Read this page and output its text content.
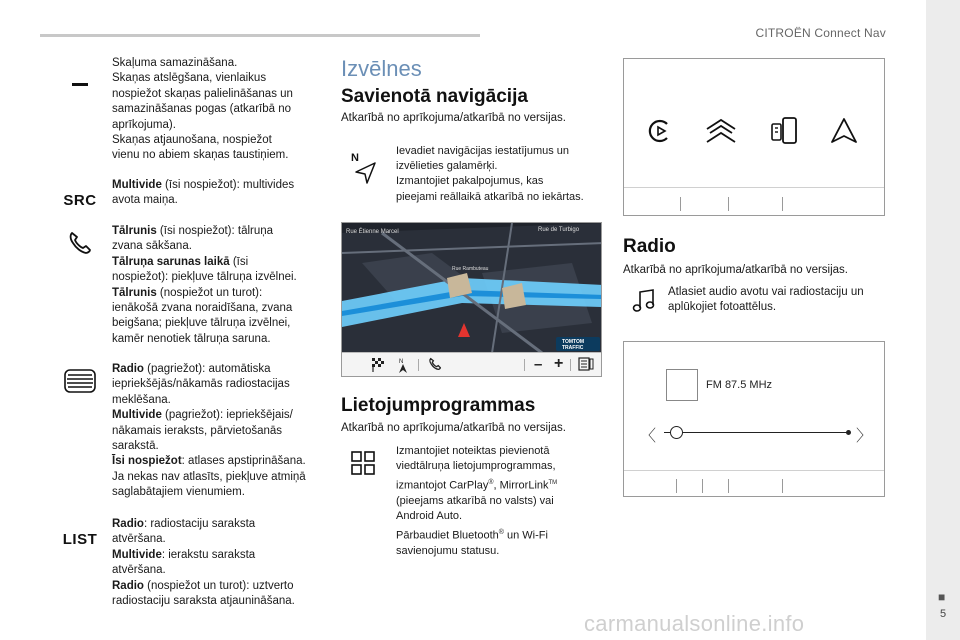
CITROËN Connect Nav
■
5
carmanualsonline.info
Skaļuma samazināšana.
Skaņas atslēgšana, vienlaikus
nospiežot skaņas palielināšanas un
samazināšanas pogas (atkarībā no
aprīkojuma).
Skaņas atjaunošana, nospiežot
vienu no abiem skaņas taustiņiem.
SRC
Multivide (īsi nospiežot): multivides
avota maiņa.
Tālrunis (īsi nospiežot): tālruņa
zvana sākšana.
Tālruņa sarunas laikā (īsi
nospiežot): piekļuve tālruņa izvēlnei.
Tālrunis (nospiežot un turot):
ienākošā zvana noraidīšana, zvana
beigšana; piekļuve tālruņa izvēlnei,
kamēr nenotiek tālruņa saruna.
Radio (pagriežot): automātiska
iepriekšējās/nākamās radiostacijas
meklēšana.
Multivide (pagriežot): iepriekšējais/
nākamais ieraksts, pārvietošanās
sarakstā.
Īsi nospiežot: atlases apstiprināšana.
Ja nekas nav atlasīts, piekļuve atmiņā
saglabātajiem vienumiem.
LIST
Radio: radiostaciju saraksta
atvēršana.
Multivide: ierakstu saraksta
atvēršana.
Radio (nospiežot un turot): uztverto
radiostaciju saraksta atjaunināšana.
Izvēlnes
Savienotā navigācija
Atkarībā no aprīkojuma/atkarībā no versijas.
N
Ievadiet navigācijas iestatījumus un
izvēlieties galamērķi.
Izmantojiet pakalpojumus, kas
pieejami reāllaikā atkarībā no iekārtas.
Rue Étienne Marcel	Rue de Turbigo
Rue Rambuteau
TOMTOM
TRAFFIC
N	– +
Lietojumprogrammas
Atkarībā no aprīkojuma/atkarībā no versijas.
Izmantojiet noteiktas pievienotā
viedtālruņa lietojumprogrammas,
izmantojot CarPlay®, MirrorLink™
(pieejams atkarībā no valsts) vai
Android Auto.
Pārbaudiet Bluetooth® un Wi-Fi
savienojumu statusu.
Radio
Atkarībā no aprīkojuma/atkarībā no versijas.
Atlasiet audio avotu vai radiostaciju un
aplūkojiet fotoattēlus.
FM 87.5 MHz
〈	〉
